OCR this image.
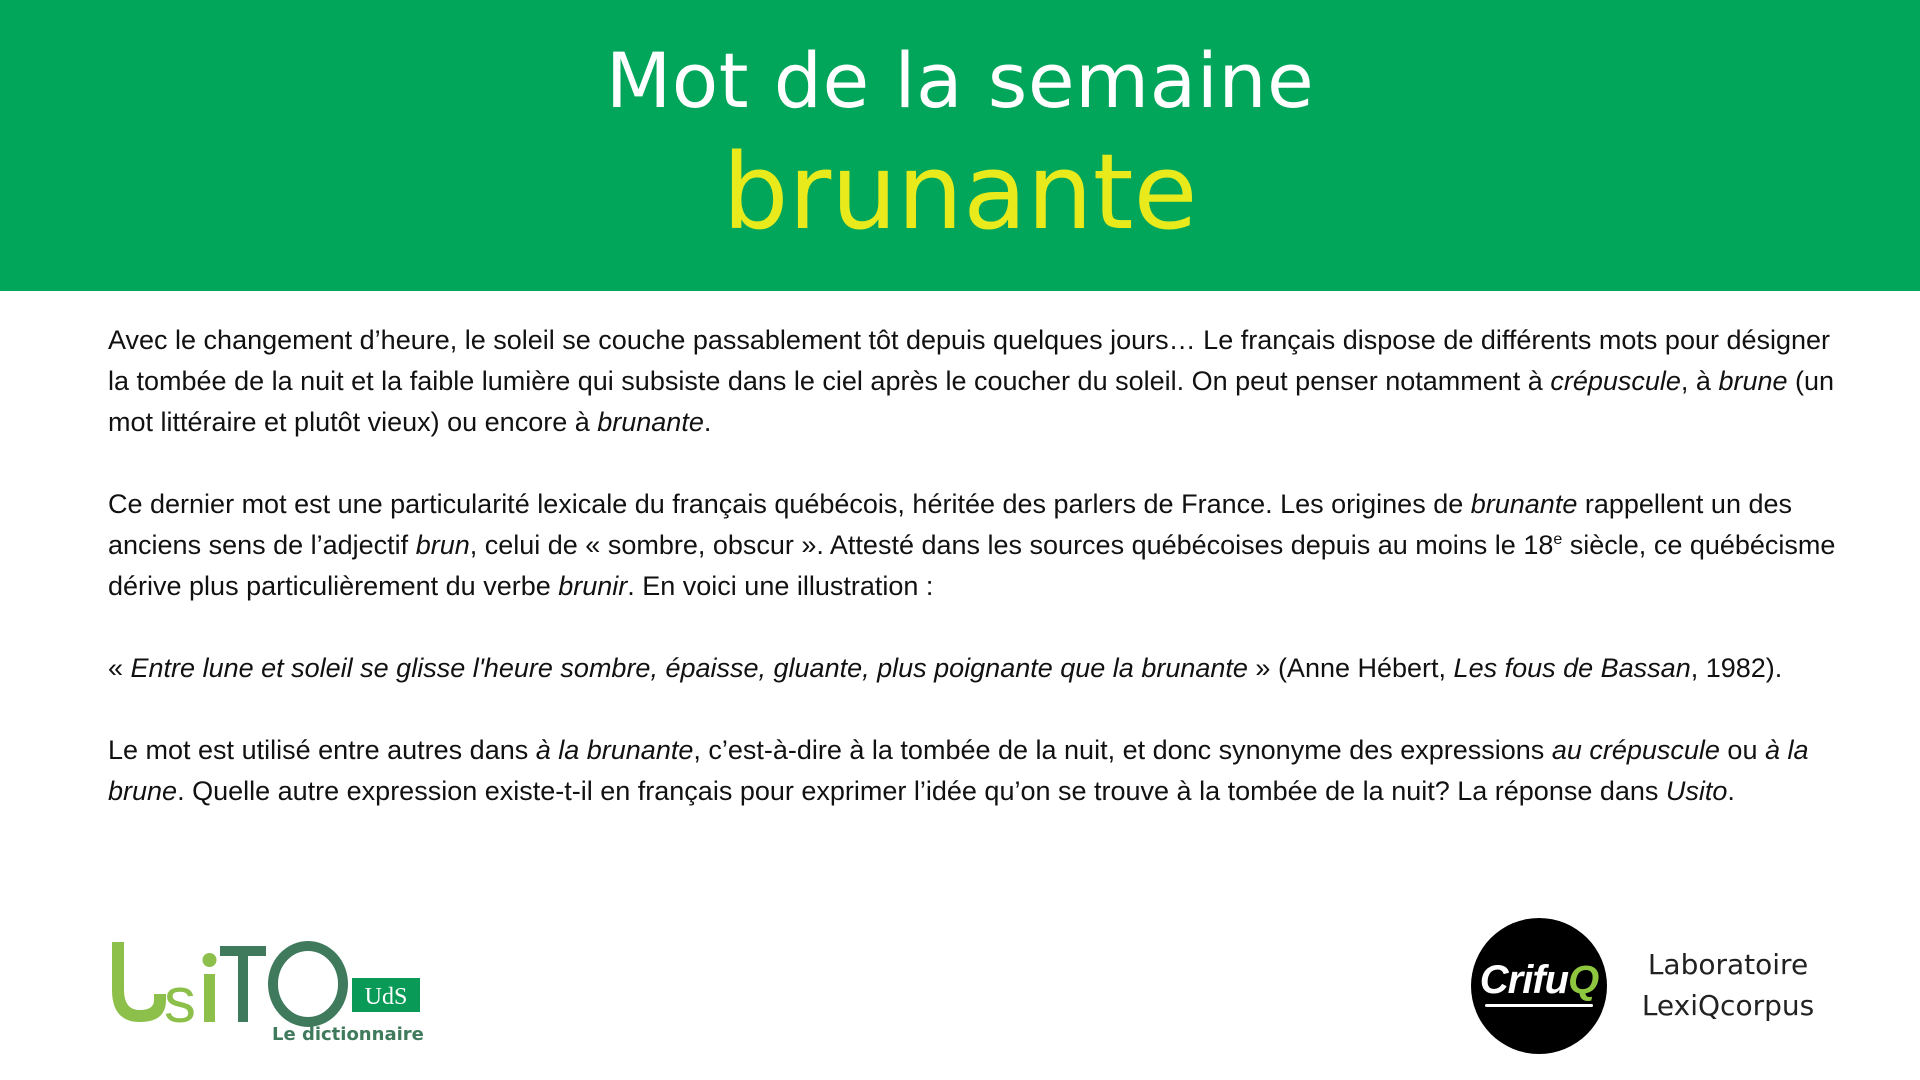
Mot de la semaine
brunante

Avec le changement d’heure, le soleil se couche passablement tôt depuis quelques jours… Le français dispose de différents mots pour désigner la tombée de la nuit et la faible lumière qui subsiste dans le ciel après le coucher du soleil. On peut penser notamment à crépuscule, à brune (un mot littéraire et plutôt vieux) ou encore à brunante.

Ce dernier mot est une particularité lexicale du français québécois, héritée des parlers de France. Les origines de brunante rappellent un des anciens sens de l’adjectif brun, celui de « sombre, obscur ». Attesté dans les sources québécoises depuis au moins le 18e siècle, ce québécisme dérive plus particulièrement du verbe brunir. En voici une illustration :

« Entre lune et soleil se glisse l'heure sombre, épaisse, gluante, plus poignante que la brunante » (Anne Hébert, Les fous de Bassan, 1982).

Le mot est utilisé entre autres dans à la brunante, c’est-à-dire à la tombée de la nuit, et donc synonyme des expressions au crépuscule ou à la brune. Quelle autre expression existe-t-il en français pour exprimer l’idée qu’on se trouve à la tombée de la nuit? La réponse dans Usito.

s	UdS
Le dictionnaire
CrifuQ	Laboratoire
LexiQcorpus
